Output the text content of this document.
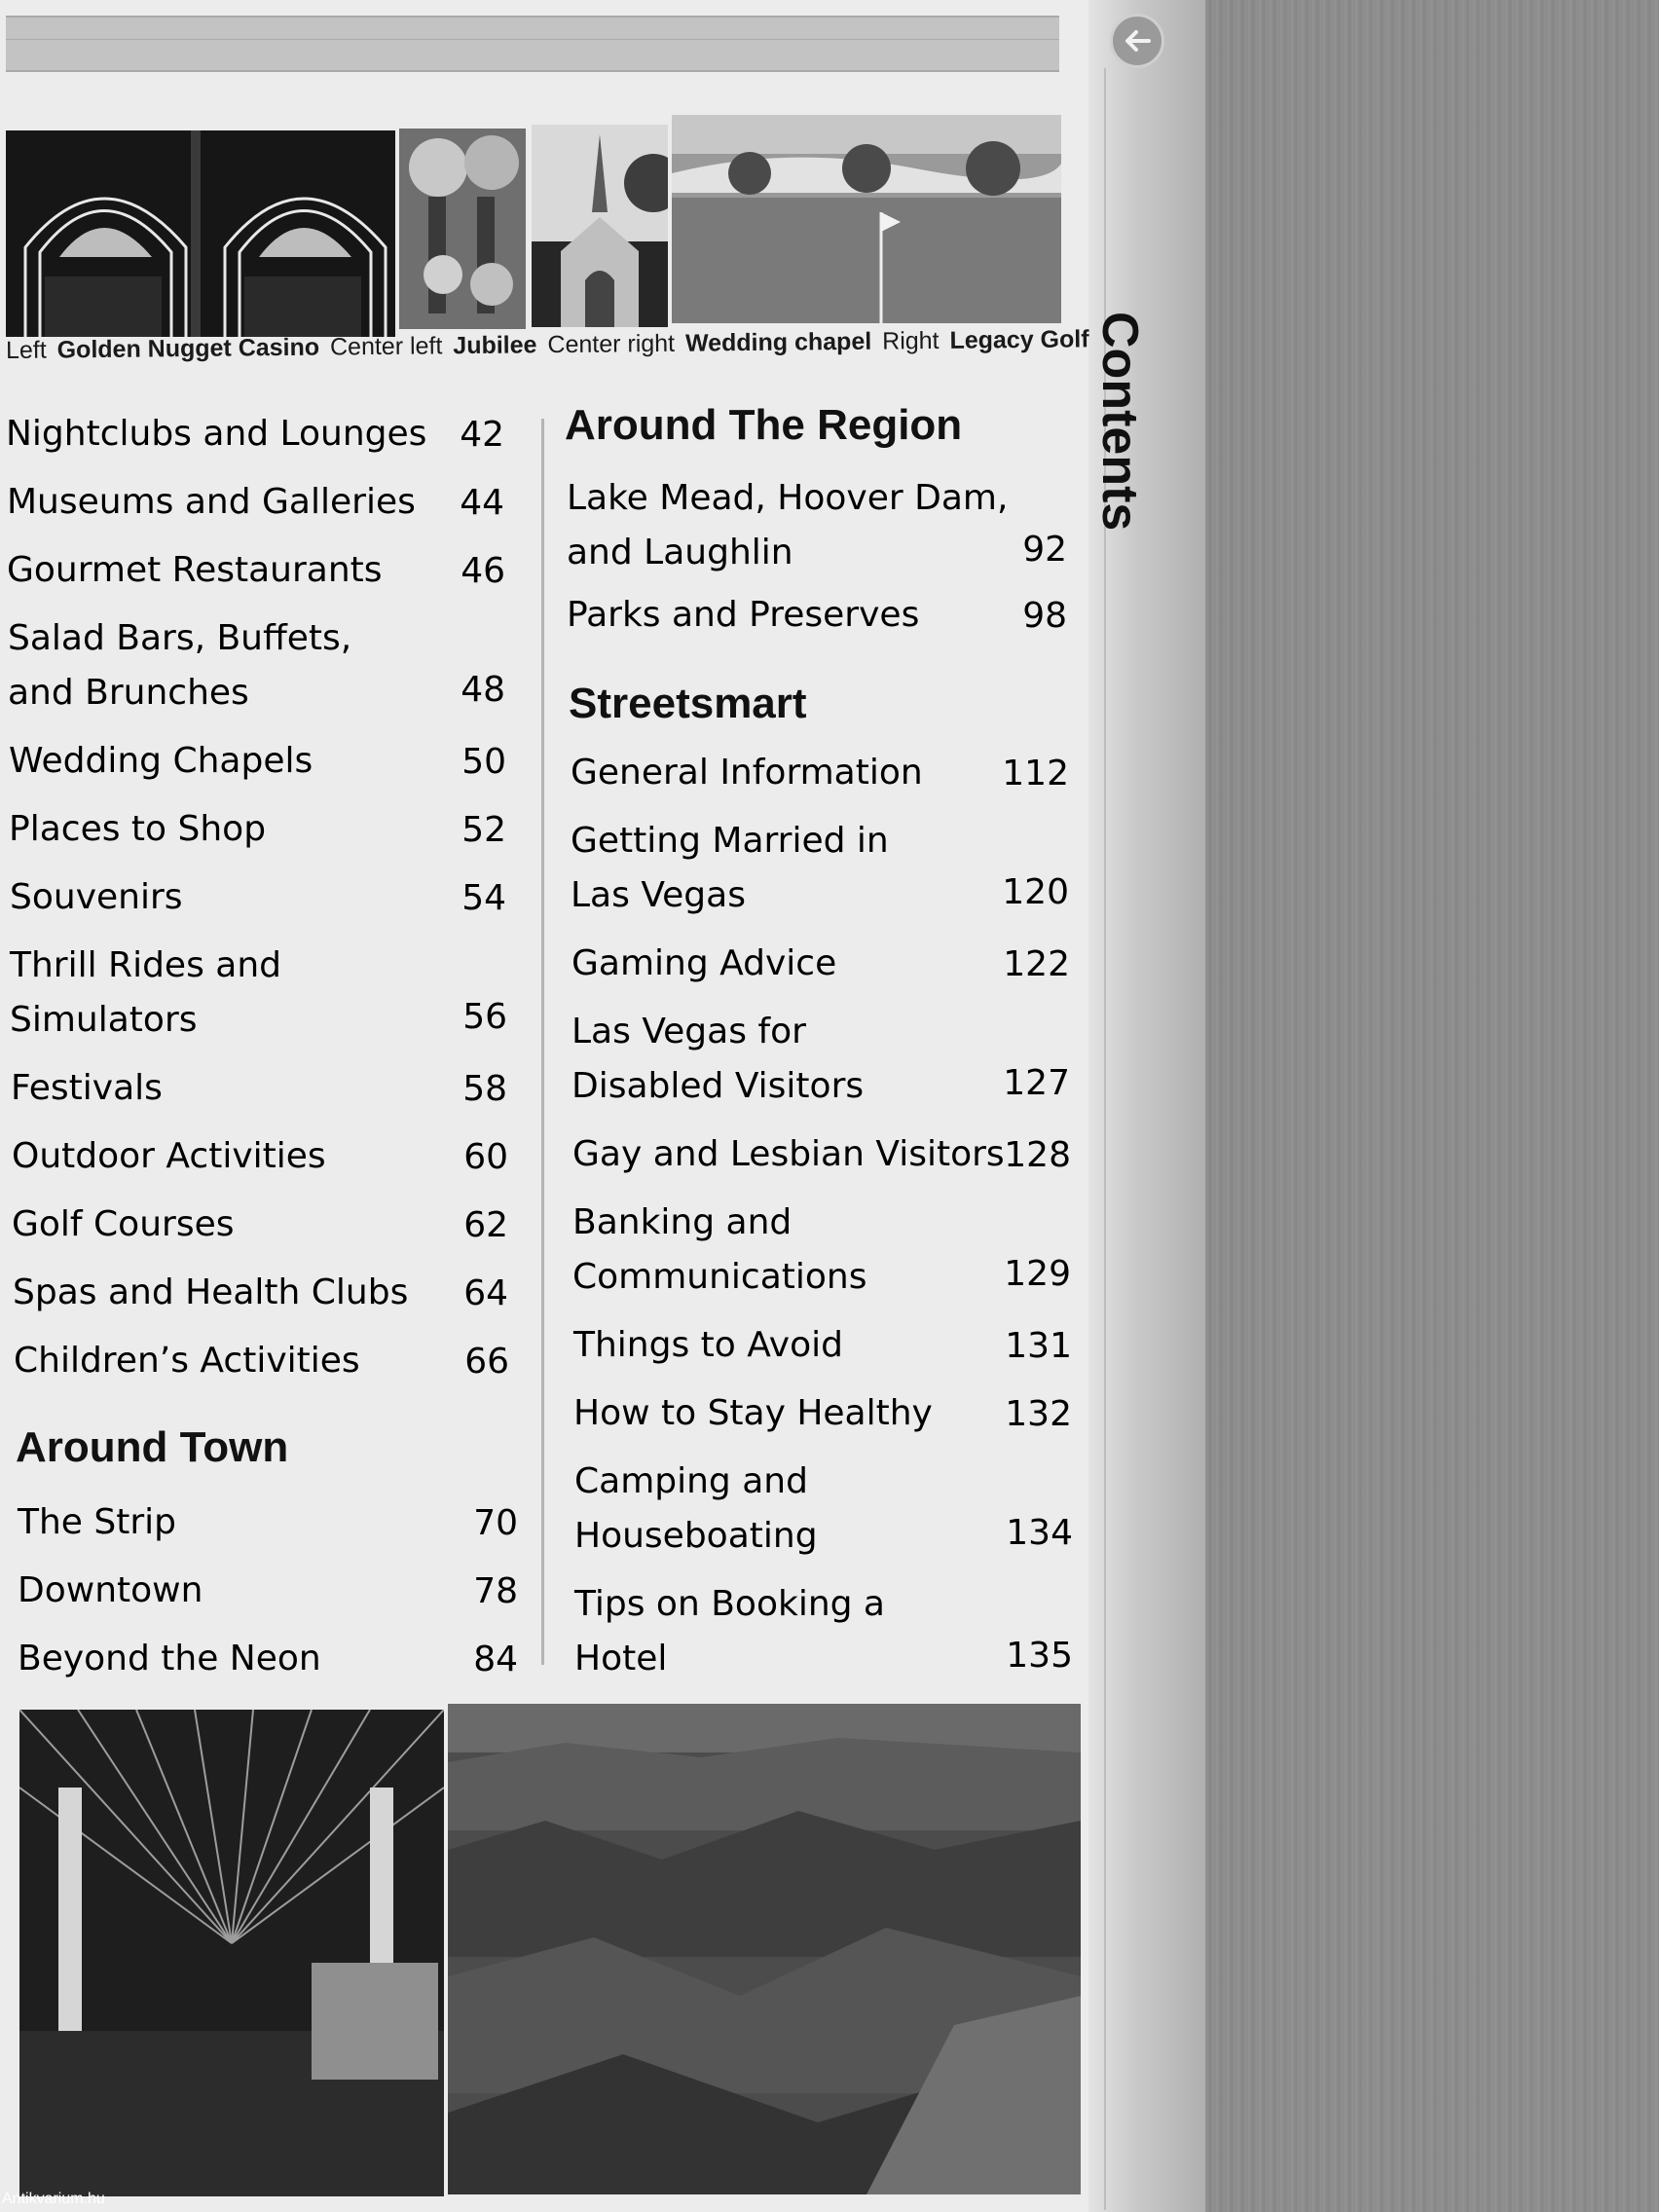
Contents
Left Golden Nugget Casino Center left Jubilee Center right Wedding chapel Right Legacy Golf
Antikvarium.hu
Nightclubs and Lounges 42
Museums and Galleries	44
Gourmet Restaurants	46
Salad Bars, Buffets,
and Brunches	48
Wedding Chapels	50
Places to Shop	52
Souvenirs	54
Thrill Rides and
Simulators	56
Festivals	58
Outdoor Activities	60
Golf Courses	62
Spas and Health Clubs	64
Children’s Activities	66
Around Town
The Strip	70
Downtown	78
Beyond the Neon	84
Around The Region
Lake Mead, Hoover Dam,
and Laughlin	92
Parks and Preserves	98
Streetsmart
General Information	112
Getting Married in
Las Vegas	120
Gaming Advice	122
Las Vegas for
Disabled Visitors	127
Gay and Lesbian Visitors 128
Banking and
Communications	129
Things to Avoid	131
How to Stay Healthy	132
Camping and
Houseboating	134
Tips on Booking a
Hotel	135
